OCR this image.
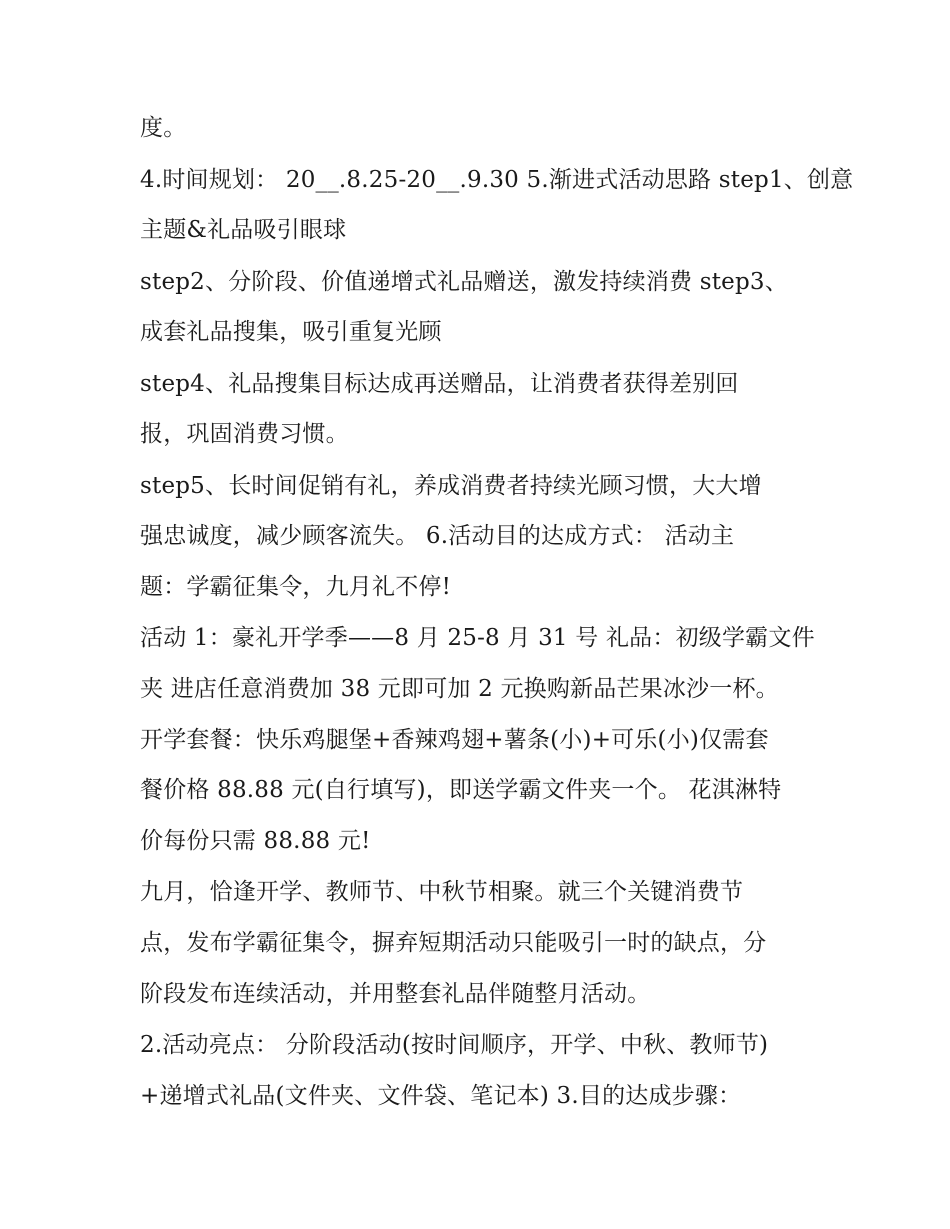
度。
4.时间规划： 20__.8.25-20__.9.30 5.渐进式活动思路 step1、创意
主题&礼品吸引眼球
step2、分阶段、价值递增式礼品赠送，激发持续消费 step3、
成套礼品搜集，吸引重复光顾
step4、礼品搜集目标达成再送赠品，让消费者获得差别回
报，巩固消费习惯。
step5、长时间促销有礼，养成消费者持续光顾习惯，大大增
强忠诚度，减少顾客流失。 6.活动目的达成方式： 活动主
题：学霸征集令，九月礼不停!
活动 1：豪礼开学季——8 月 25-8 月 31 号 礼品：初级学霸文件
夹 进店任意消费加 38 元即可加 2 元换购新品芒果冰沙一杯。
开学套餐：快乐鸡腿堡+香辣鸡翅+薯条(小)+可乐(小)仅需套
餐价格 88.88 元(自行填写)，即送学霸文件夹一个。 花淇淋特
价每份只需 88.88 元!
九月，恰逢开学、教师节、中秋节相聚。就三个关键消费节
点，发布学霸征集令，摒弃短期活动只能吸引一时的缺点，分
阶段发布连续活动，并用整套礼品伴随整月活动。
2.活动亮点： 分阶段活动(按时间顺序，开学、中秋、教师节)
+递增式礼品(文件夹、文件袋、笔记本) 3.目的达成步骤：
